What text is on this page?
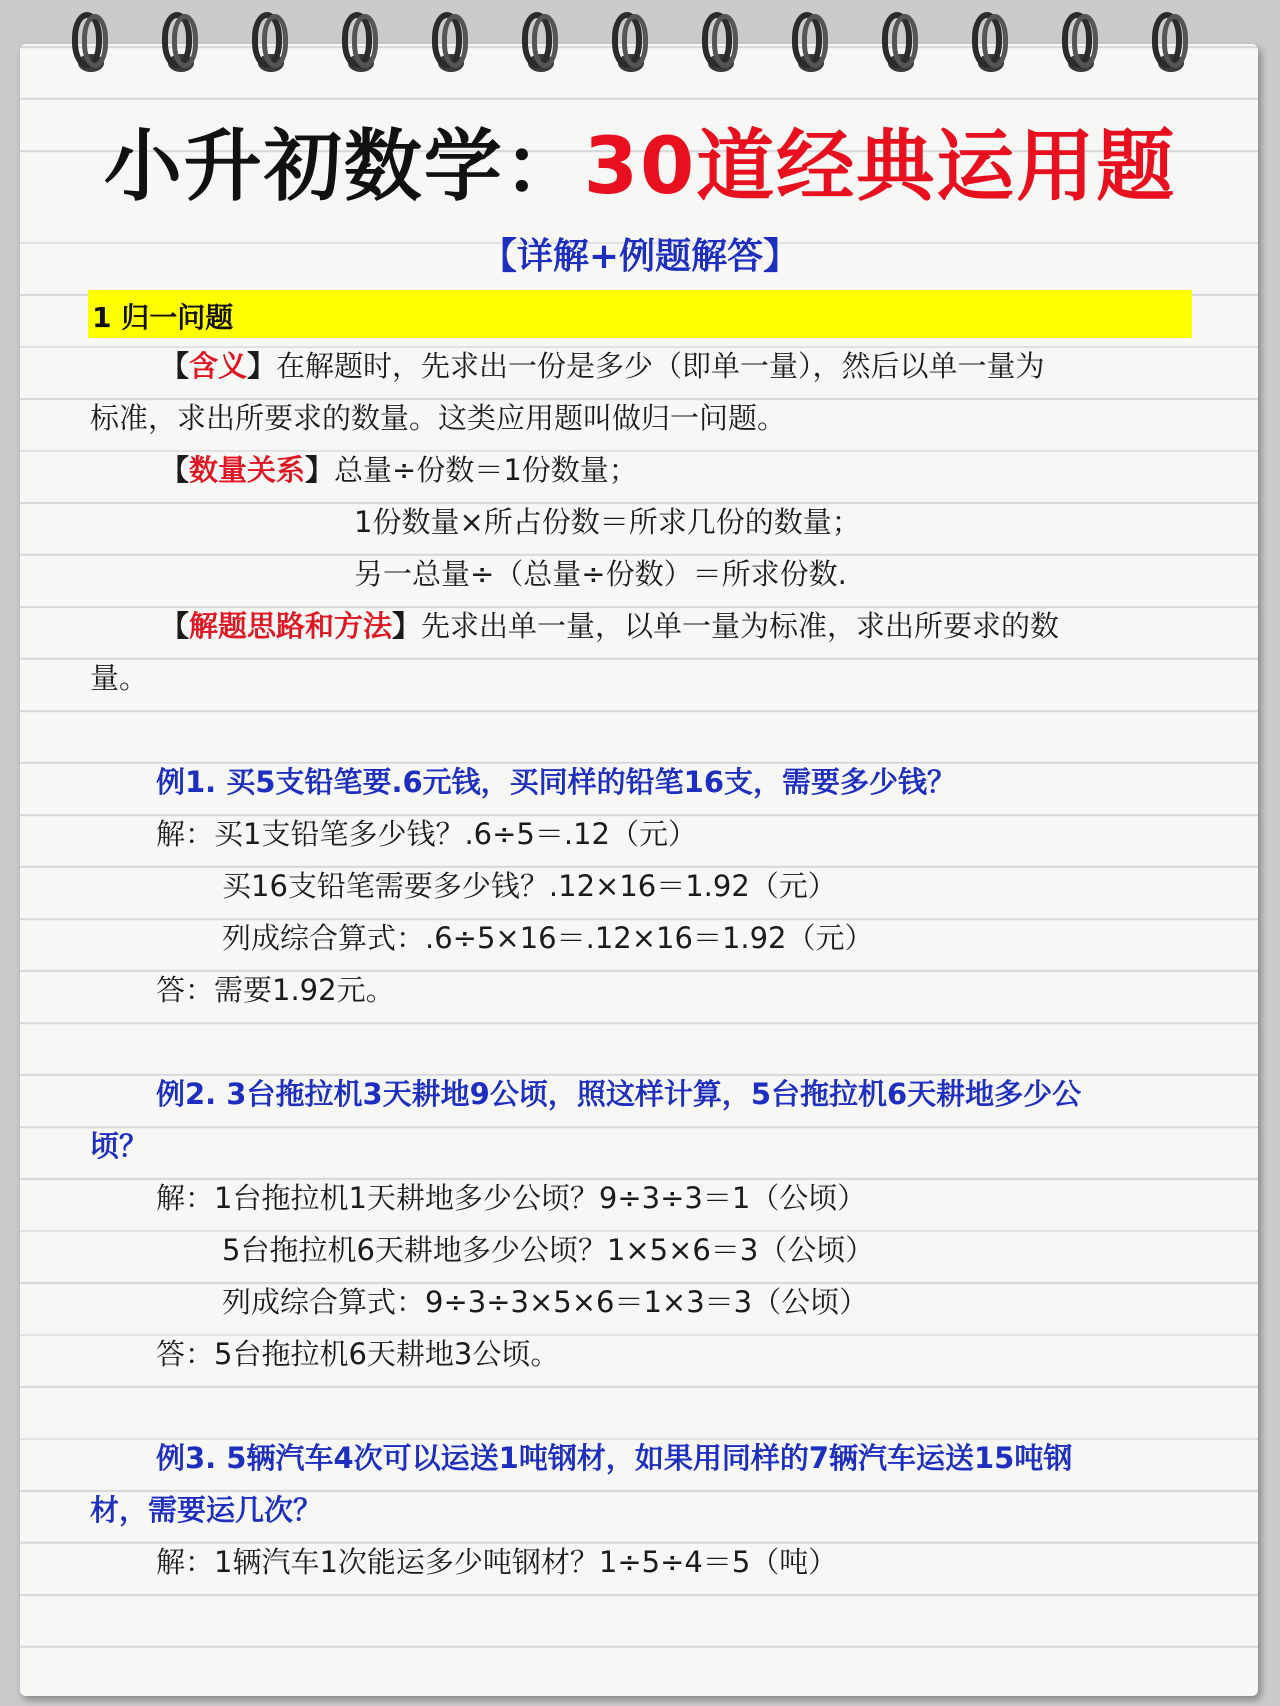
小升初数学：30道经典运用题
【详解+例题解答】
1 归一问题
【含义】在解题时，先求出一份是多少（即单一量），然后以单一量为
标准，求出所要求的数量。这类应用题叫做归一问题。
【数量关系】总量÷份数＝1份数量；
1份数量×所占份数＝所求几份的数量；
另一总量÷（总量÷份数）＝所求份数.
【解题思路和方法】先求出单一量，以单一量为标准，求出所要求的数
量。
例1. 买5支铅笔要.6元钱，买同样的铅笔16支，需要多少钱？
解：买1支铅笔多少钱？.6÷5＝.12（元）
买16支铅笔需要多少钱？.12×16＝1.92（元）
列成综合算式：.6÷5×16＝.12×16＝1.92（元）
答：需要1.92元。
例2. 3台拖拉机3天耕地9公顷，照这样计算，5台拖拉机6天耕地多少公
顷？
解：1台拖拉机1天耕地多少公顷？9÷3÷3＝1（公顷）
5台拖拉机6天耕地多少公顷？1×5×6＝3（公顷）
列成综合算式：9÷3÷3×5×6＝1×3＝3（公顷）
答：5台拖拉机6天耕地3公顷。
例3. 5辆汽车4次可以运送1吨钢材，如果用同样的7辆汽车运送15吨钢
材，需要运几次？
解：1辆汽车1次能运多少吨钢材？1÷5÷4＝5（吨）
